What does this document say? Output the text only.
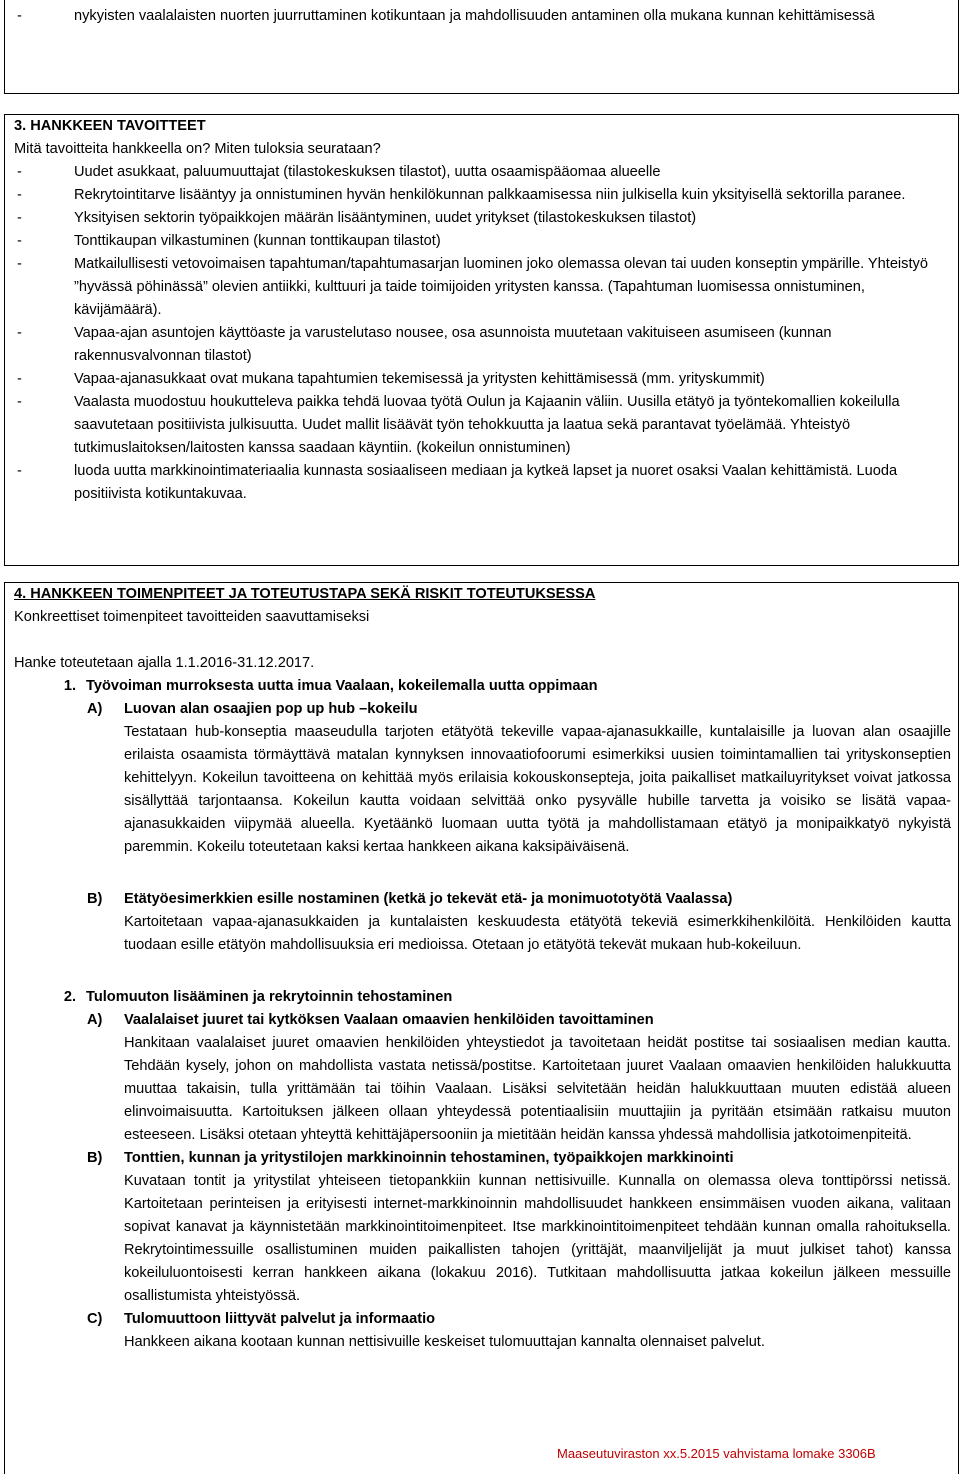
-	nykyisten vaalalaisten nuorten juurruttaminen kotikuntaan ja mahdollisuuden antaminen olla mukana kunnan kehittämisessä
3. HANKKEEN TAVOITTEET
Mitä tavoitteita hankkeella on? Miten tuloksia seurataan?
-	Uudet asukkaat, paluumuuttajat (tilastokeskuksen tilastot), uutta osaamispääomaa alueelle
-	Rekrytointitarve lisääntyy ja onnistuminen hyvän henkilökunnan palkkaamisessa niin julkisella kuin yksityisellä sektorilla paranee.
-	Yksityisen sektorin työpaikkojen määrän lisääntyminen, uudet yritykset (tilastokeskuksen tilastot)
-	Tonttikaupan vilkastuminen (kunnan tonttikaupan tilastot)
-	Matkailullisesti vetovoimaisen tapahtuman/tapahtumasarjan luominen joko olemassa olevan tai uuden konseptin ympärille. Yhteistyö ”hyvässä pöhinässä” olevien antiikki, kulttuuri ja taide toimijoiden yritysten kanssa. (Tapahtuman luomisessa onnistuminen, kävijämäärä).
-	Vapaa-ajan asuntojen käyttöaste ja varustelutaso nousee, osa asunnoista muutetaan vakituiseen asumiseen (kunnan rakennusvalvonnan tilastot)
-	Vapaa-ajanasukkaat ovat mukana tapahtumien tekemisessä ja yritysten kehittämisessä (mm. yrityskummit)
-	Vaalasta muodostuu houkutteleva paikka tehdä luovaa työtä Oulun ja Kajaanin väliin. Uusilla etätyö ja työntekomallien kokeilulla saavutetaan positiivista julkisuutta. Uudet mallit lisäävät työn tehokkuutta ja laatua sekä parantavat työelämää. Yhteistyö tutkimuslaitoksen/laitosten kanssa saadaan käyntiin. (kokeilun onnistuminen)
-	luoda uutta markkinointimateriaalia kunnasta sosiaaliseen mediaan ja kytkeä lapset ja nuoret osaksi Vaalan kehittämistä. Luoda positiivista kotikuntakuvaa.
4. HANKKEEN TOIMENPITEET JA TOTEUTUSTAPA SEKÄ RISKIT TOTEUTUKSESSA
Konkreettiset toimenpiteet tavoitteiden saavuttamiseksi
Hanke toteutetaan ajalla 1.1.2016-31.12.2017.
1. Työvoiman murroksesta uutta imua Vaalaan, kokeilemalla uutta oppimaan
A)	Luovan alan osaajien pop up hub –kokeilu
Testataan hub-konseptia maaseudulla tarjoten etätyötä tekeville vapaa-ajanasukkaille, kuntalaisille ja luovan alan osaajille erilaista osaamista törmäyttävä matalan kynnyksen innovaatiofoorumi esimerkiksi uusien toimintamallien tai yrityskonseptien kehittelyyn. Kokeilun tavoitteena on kehittää myös erilaisia kokouskonsepteja, joita paikalliset matkailuyritykset voivat jatkossa sisällyttää tarjontaansa. Kokeilun kautta voidaan selvittää onko pysyvälle hubille tarvetta ja voisiko se lisätä vapaa-ajanasukkaiden viipymää alueella. Kyetäänkö luomaan uutta työtä ja mahdollistamaan etätyö ja monipaikkatyö nykyistä paremmin. Kokeilu toteutetaan kaksi kertaa hankkeen aikana kaksipäiväisenä.
B)	Etätyöesimerkkien esille nostaminen (ketkä jo tekevät etä- ja monimuototyötä Vaalassa)
Kartoitetaan vapaa-ajanasukkaiden ja kuntalaisten keskuudesta etätyötä tekeviä esimerkkihenkilöitä. Henkilöiden kautta tuodaan esille etätyön mahdollisuuksia eri medioissa. Otetaan jo etätyötä tekevät mukaan hub-kokeiluun.
2. Tulomuuton lisääminen ja rekrytoinnin tehostaminen
A)	Vaalalaiset juuret tai kytköksen Vaalaan omaavien henkilöiden tavoittaminen
Hankitaan vaalalaiset juuret omaavien henkilöiden yhteystiedot ja tavoitetaan heidät postitse tai sosiaalisen median kautta. Tehdään kysely, johon on mahdollista vastata netissä/postitse. Kartoitetaan juuret Vaalaan omaavien henkilöiden halukkuutta muuttaa takaisin, tulla yrittämään tai töihin Vaalaan. Lisäksi selvitetään heidän halukkuuttaan muuten edistää alueen elinvoimaisuutta. Kartoituksen jälkeen ollaan yhteydessä potentiaalisiin muuttajiin ja pyritään etsimään ratkaisu muuton esteeseen. Lisäksi otetaan yhteyttä kehittäjäpersooniin ja mietitään heidän kanssa yhdessä mahdollisia jatkotoimenpiteitä.
B)	Tonttien, kunnan ja yritystilojen markkinoinnin tehostaminen, työpaikkojen markkinointi
Kuvataan tontit ja yritystilat yhteiseen tietopankkiin kunnan nettisivuille. Kunnalla on olemassa oleva tonttipörssi netissä. Kartoitetaan perinteisen ja erityisesti internet-markkinoinnin mahdollisuudet hankkeen ensimmäisen vuoden aikana, valitaan sopivat kanavat ja käynnistetään markkinointitoimenpiteet. Itse markkinointitoimenpiteet tehdään kunnan omalla rahoituksella. Rekrytointimessuille osallistuminen muiden paikallisten tahojen (yrittäjät, maanviljelijät ja muut julkiset tahot) kanssa kokeiluluontoisesti kerran hankkeen aikana (lokakuu 2016). Tutkitaan mahdollisuutta jatkaa kokeilun jälkeen messuille osallistumista yhteistyössä.
C)	Tulomuuttoon liittyvät palvelut ja informaatio
Hankkeen aikana kootaan kunnan nettisivuille keskeiset tulomuuttajan kannalta olennaiset palvelut.
Maaseutuviraston xx.5.2015 vahvistama lomake 3306B
